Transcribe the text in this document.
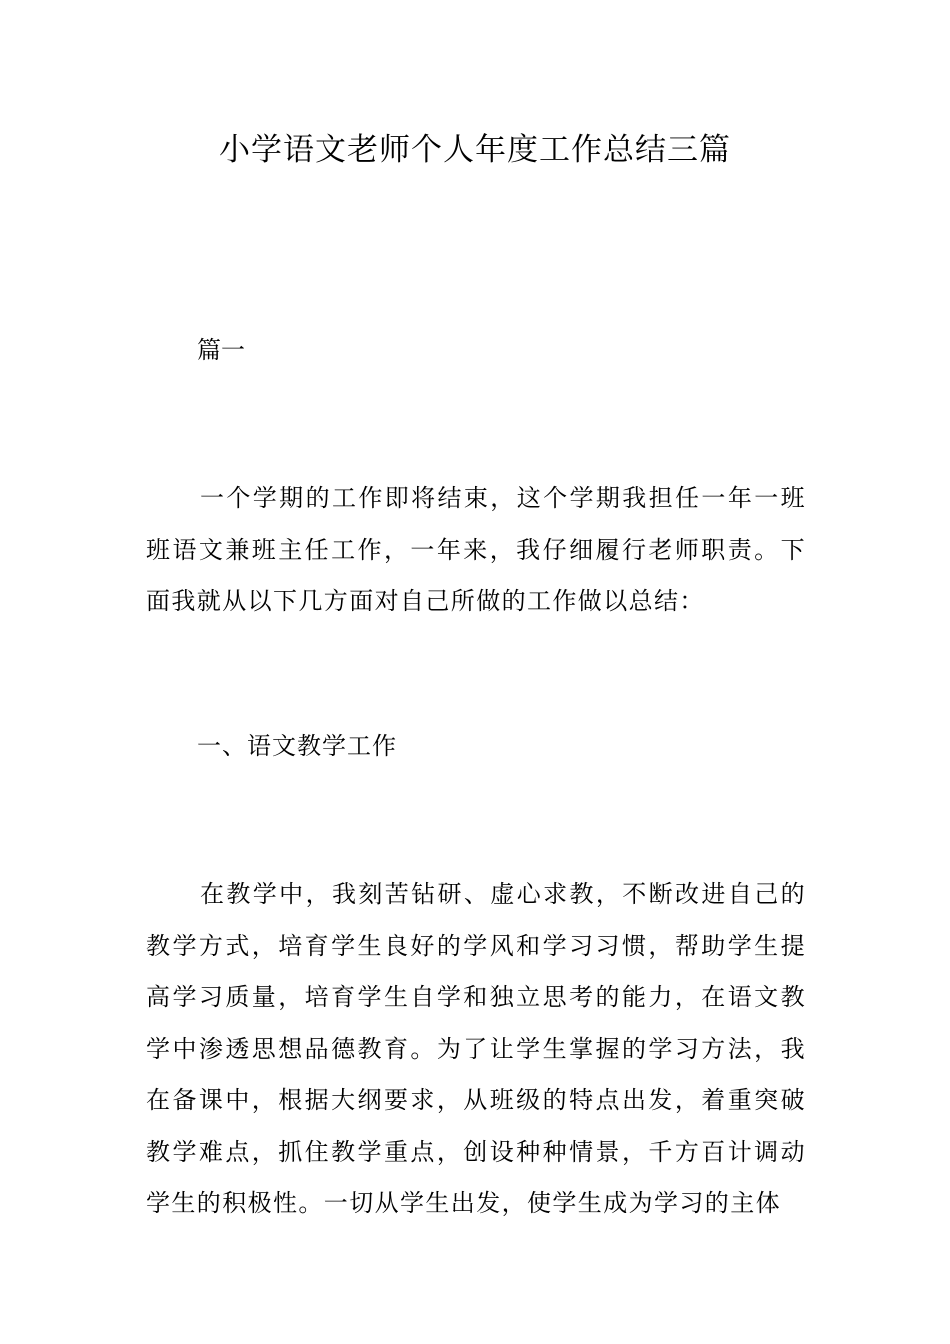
小学语文老师个人年度工作总结三篇
篇一

一个学期的工作即将结束，这个学期我担任一年一班班语文兼班主任工作，一年来，我仔细履行老师职责。下面我就从以下几方面对自己所做的工作做以总结：

一、语文教学工作

在教学中，我刻苦钻研、虚心求教，不断改进自己的教学方式，培育学生良好的学风和学习习惯，帮助学生提高学习质量，培育学生自学和独立思考的能力，在语文教学中渗透思想品德教育。为了让学生掌握的学习方法，我在备课中，根据大纲要求，从班级的特点出发，着重突破教学难点，抓住教学重点，创设种种情景，千方百计调动学生的积极性。一切从学生出发，使学生成为学习的主体
